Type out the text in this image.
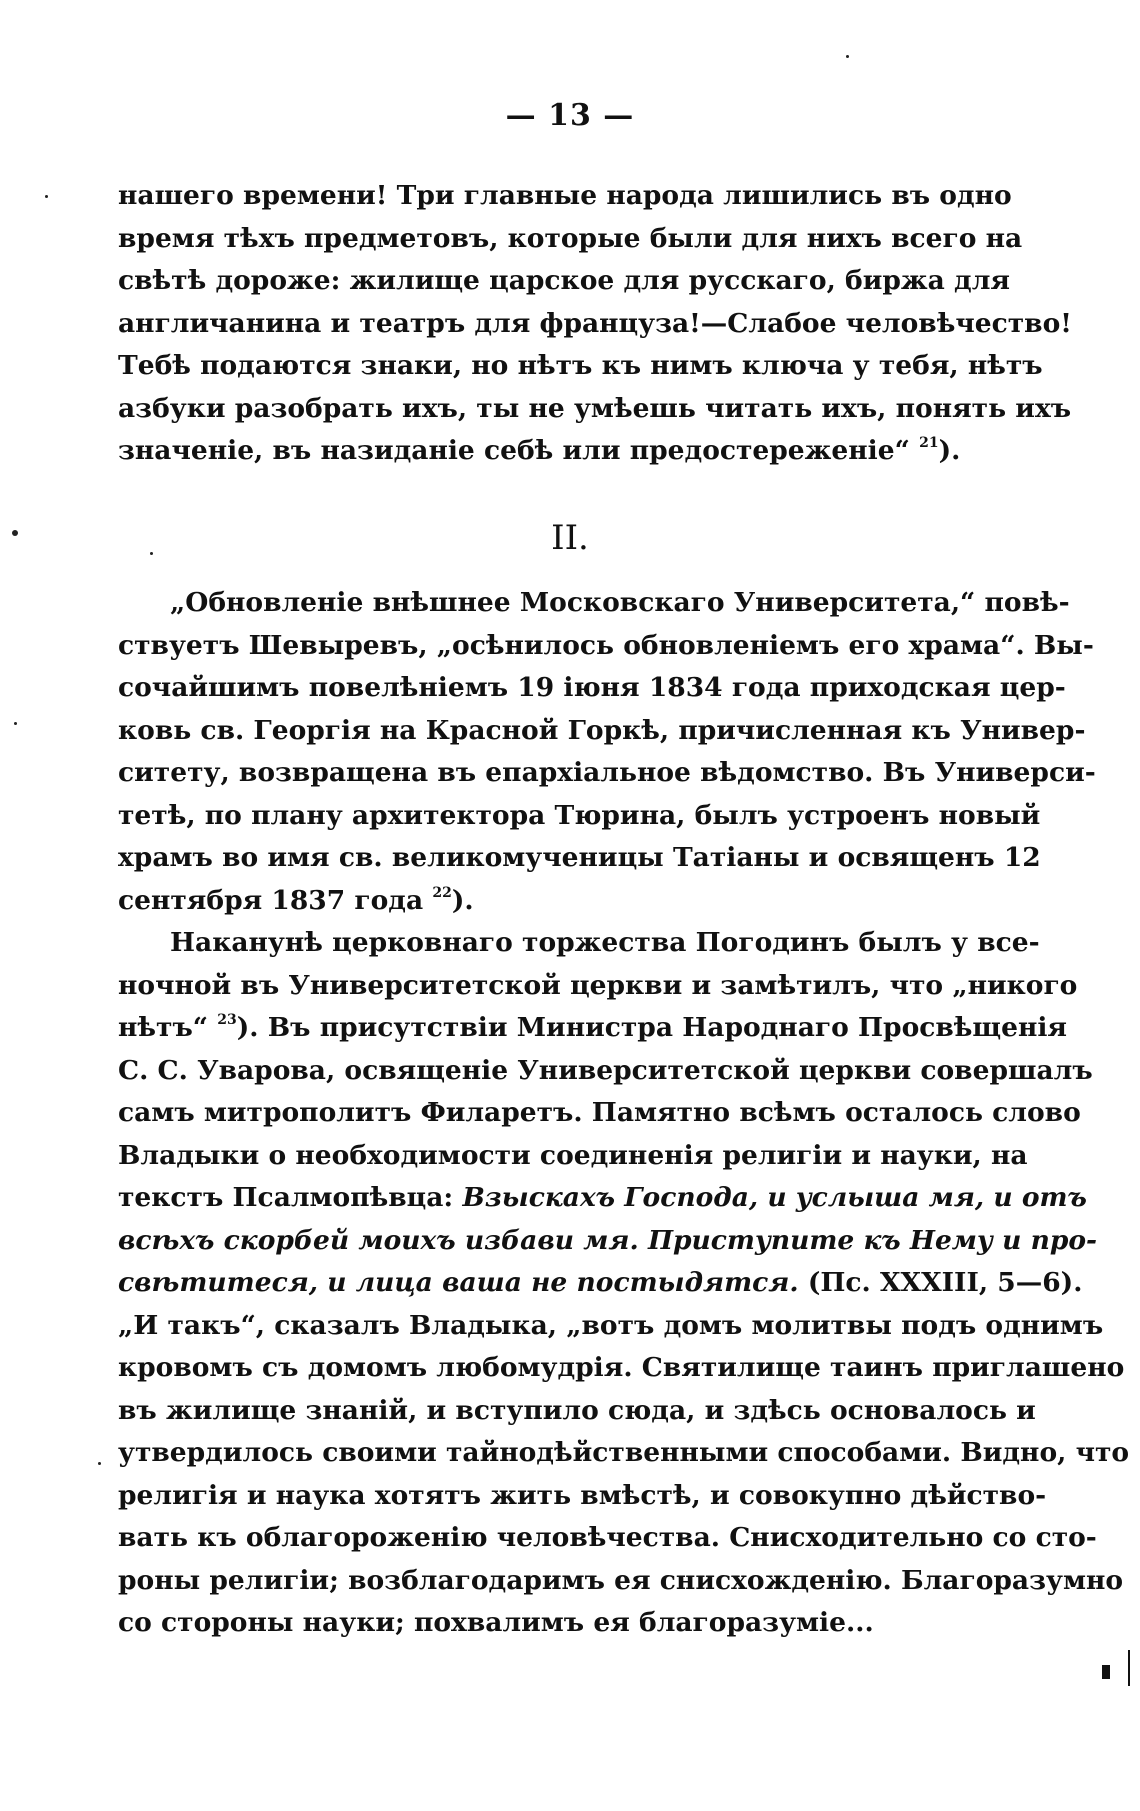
— 13 —
нашего времени! Три главные народа лишились въ одно
время тѣхъ предметовъ, которые были для нихъ всего на
свѣтѣ дороже: жилище царское для русскаго, биржа для
англичанина и театръ для француза!—Слабое человѣчество!
Тебѣ подаются знаки, но нѣтъ къ нимъ ключа у тебя, нѣтъ
азбуки разобрать ихъ, ты не умѣешь читать ихъ, понять ихъ
значеніе, въ назиданіе себѣ или предостереженіе“ $^{21}$).
II.
„Обновленіе внѣшнее Московскаго Университета,“ повѣ-
ствуетъ Шевыревъ, „осѣнилось обновленіемъ его храма“. Вы-
сочайшимъ повелѣніемъ 19 іюня 1834 года приходская цер-
ковь св. Георгія на Красной Горкѣ, причисленная къ Универ-
ситету, возвращена въ епархіальное вѣдомство. Въ Универси-
тетѣ, по плану архитектора Тюрина, былъ устроенъ новый
храмъ во имя св. великомученицы Татіаны и освященъ 12
сентября 1837 года $^{22}$).
Наканунѣ церковнаго торжества Погодинъ былъ у все-
ночной въ Университетской церкви и замѣтилъ, что „никого
нѣтъ“ $^{23}$). Въ присутствіи Министра Народнаго Просвѣщенія
С. С. Уварова, освященіе Университетской церкви совершалъ
самъ митрополитъ Филаретъ. Памятно всѣмъ осталось слово
Владыки о необходимости соединенія религіи и науки, на
текстъ Псалмопѣвца: Взыскахъ Господа, и услыша мя, и отъ
всѣхъ скорбей моихъ избави мя. Приступите къ Нему и про-
свѣтитеся, и лица ваша не постыдятся. (Пс. XXXIII, 5—6).
„И такъ“, сказалъ Владыка, „вотъ домъ молитвы подъ однимъ
кровомъ съ домомъ любомудрія. Святилище таинъ приглашено
въ жилище знаній, и вступило сюда, и здѣсь основалось и
утвердилось своими тайнодѣйственными способами. Видно, что
религія и наука хотятъ жить вмѣстѣ, и совокупно дѣйство-
вать къ облагороженію человѣчества. Снисходительно со сто-
роны религіи; возблагодаримъ ея снисхожденію. Благоразумно
со стороны науки; похвалимъ ея благоразуміе...
